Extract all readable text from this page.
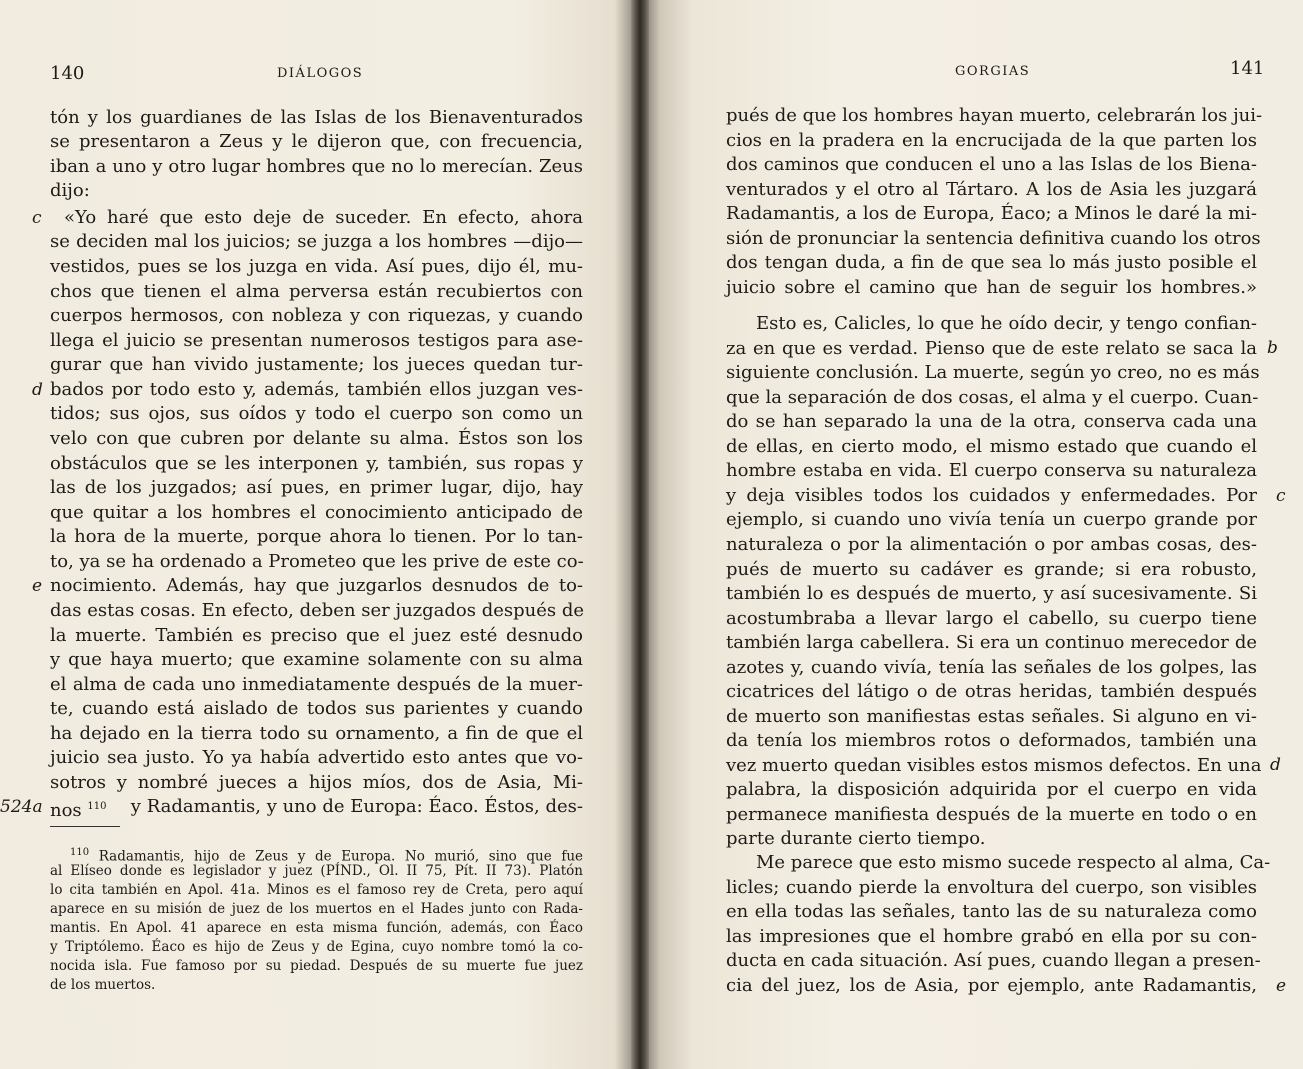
140	DIÁLOGOS
tón y los guardianes de las Islas de los Bienaventurados
se presentaron a Zeus y le dijeron que, con frecuencia,
iban a uno y otro lugar hombres que no lo merecían. Zeus
dijo:
«Yo haré que esto deje de suceder. En efecto, ahora
se deciden mal los juicios; se juzga a los hombres —dijo—
vestidos, pues se los juzga en vida. Así pues, dijo él, mu-
chos que tienen el alma perversa están recubiertos con
cuerpos hermosos, con nobleza y con riquezas, y cuando
llega el juicio se presentan numerosos testigos para ase-
gurar que han vivido justamente; los jueces quedan tur-
bados por todo esto y, además, también ellos juzgan ves-
tidos; sus ojos, sus oídos y todo el cuerpo son como un
velo con que cubren por delante su alma. Éstos son los
obstáculos que se les interponen y, también, sus ropas y
las de los juzgados; así pues, en primer lugar, dijo, hay
que quitar a los hombres el conocimiento anticipado de
la hora de la muerte, porque ahora lo tienen. Por lo tan-
to, ya se ha ordenado a Prometeo que les prive de este co-
nocimiento. Además, hay que juzgarlos desnudos de to-
das estas cosas. En efecto, deben ser juzgados después de
la muerte. También es preciso que el juez esté desnudo
y que haya muerto; que examine solamente con su alma
el alma de cada uno inmediatamente después de la muer-
te, cuando está aislado de todos sus parientes y cuando
ha dejado en la tierra todo su ornamento, a fin de que el
juicio sea justo. Yo ya había advertido esto antes que vo-
sotros y nombré jueces a hijos míos, dos de Asia, Mi-
nos $^{110}$ y Radamantis, y uno de Europa: Éaco. Éstos, des-
c
d
e
524a
$^{110}$ Radamantis, hijo de Zeus y de Europa. No murió, sino que fue
al Elíseo donde es legislador y juez (PÍND., Ol. II 75, Pít. II 73). Platón
lo cita también en Apol. 41a. Minos es el famoso rey de Creta, pero aquí
aparece en su misión de juez de los muertos en el Hades junto con Rada-
mantis. En Apol. 41 aparece en esta misma función, además, con Éaco
y Triptólemo. Éaco es hijo de Zeus y de Egina, cuyo nombre tomó la co-
nocida isla. Fue famoso por su piedad. Después de su muerte fue juez
de los muertos.
GORGIAS	141
pués de que los hombres hayan muerto, celebrarán los jui-
cios en la pradera en la encrucijada de la que parten los
dos caminos que conducen el uno a las Islas de los Biena-
venturados y el otro al Tártaro. A los de Asia les juzgará
Radamantis, a los de Europa, Éaco; a Minos le daré la mi-
sión de pronunciar la sentencia definitiva cuando los otros
dos tengan duda, a fin de que sea lo más justo posible el
juicio sobre el camino que han de seguir los hombres.»
Esto es, Calicles, lo que he oído decir, y tengo confian-
za en que es verdad. Pienso que de este relato se saca la
siguiente conclusión. La muerte, según yo creo, no es más
que la separación de dos cosas, el alma y el cuerpo. Cuan-
do se han separado la una de la otra, conserva cada una
de ellas, en cierto modo, el mismo estado que cuando el
hombre estaba en vida. El cuerpo conserva su naturaleza
y deja visibles todos los cuidados y enfermedades. Por
ejemplo, si cuando uno vivía tenía un cuerpo grande por
naturaleza o por la alimentación o por ambas cosas, des-
pués de muerto su cadáver es grande; si era robusto,
también lo es después de muerto, y así sucesivamente. Si
acostumbraba a llevar largo el cabello, su cuerpo tiene
también larga cabellera. Si era un continuo merecedor de
azotes y, cuando vivía, tenía las señales de los golpes, las
cicatrices del látigo o de otras heridas, también después
de muerto son manifiestas estas señales. Si alguno en vi-
da tenía los miembros rotos o deformados, también una
vez muerto quedan visibles estos mismos defectos. En una
palabra, la disposición adquirida por el cuerpo en vida
permanece manifiesta después de la muerte en todo o en
parte durante cierto tiempo.
Me parece que esto mismo sucede respecto al alma, Ca-
licles; cuando pierde la envoltura del cuerpo, son visibles
en ella todas las señales, tanto las de su naturaleza como
las impresiones que el hombre grabó en ella por su con-
ducta en cada situación. Así pues, cuando llegan a presen-
cia del juez, los de Asia, por ejemplo, ante Radamantis,
b
c
d
e
